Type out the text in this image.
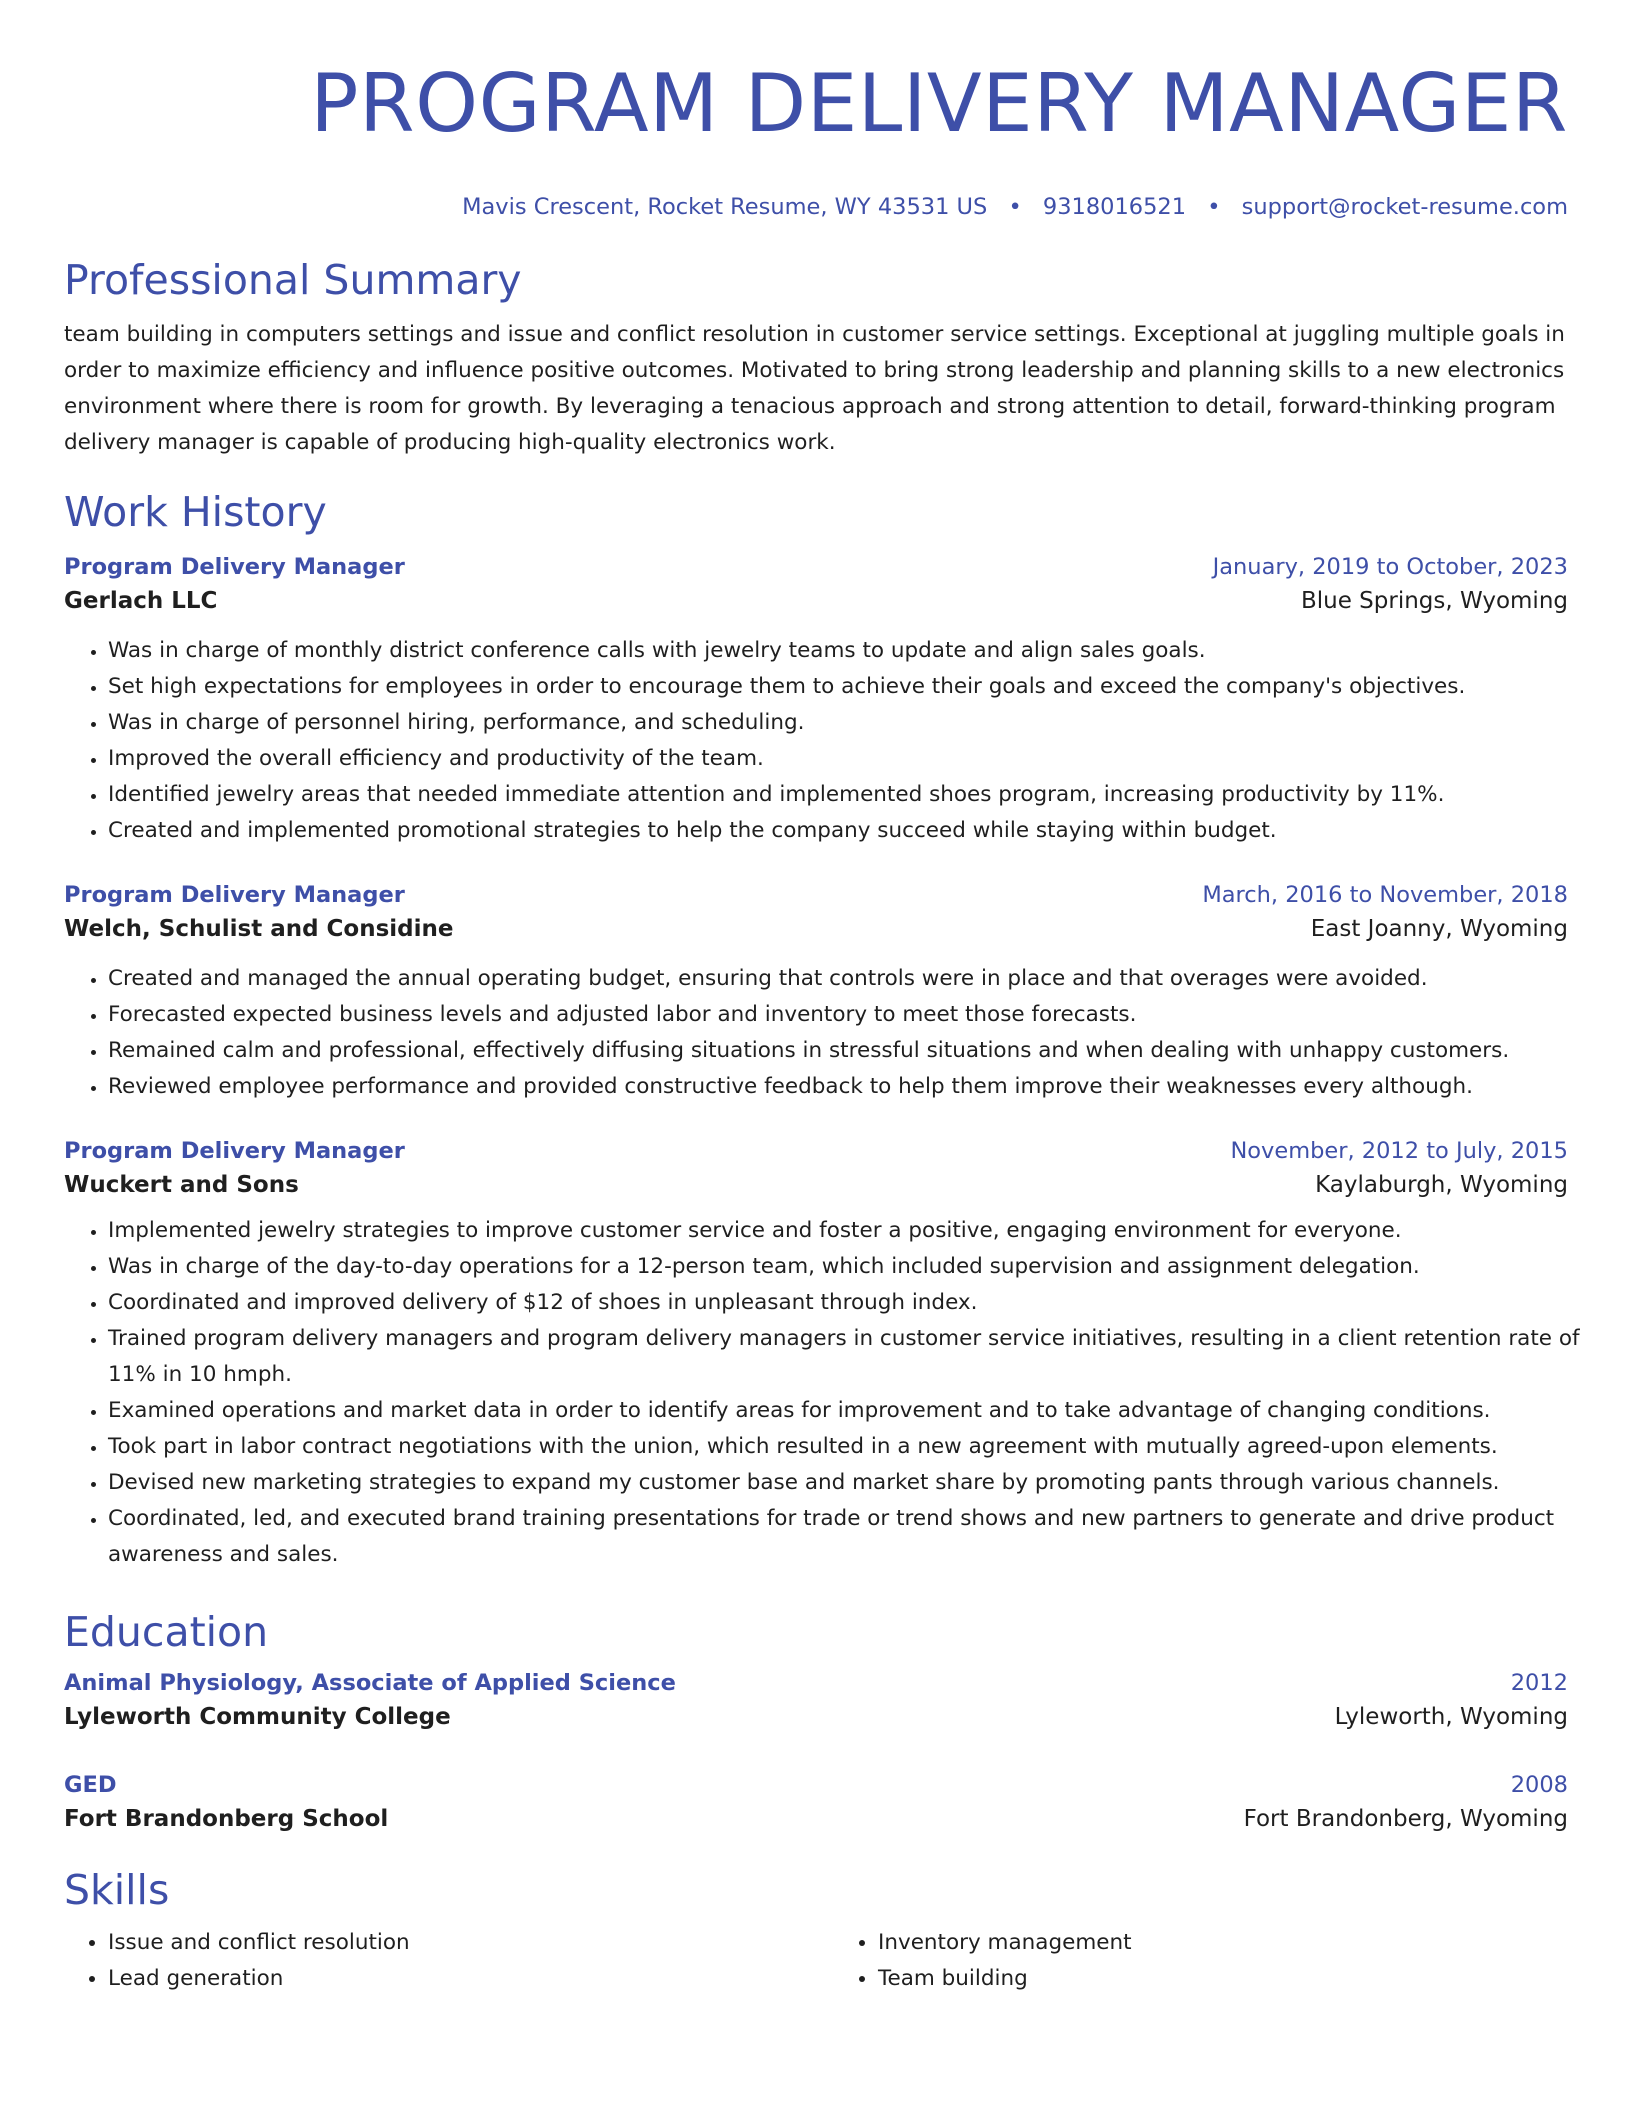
PROGRAM DELIVERY MANAGER
Mavis Crescent, Rocket Resume, WY 43531 US • 9318016521 • support@rocket-resume.com
Professional Summary
team building in computers settings and issue and conflict resolution in customer service settings. Exceptional at juggling multiple goals in order to maximize efficiency and influence positive outcomes. Motivated to bring strong leadership and planning skills to a new electronics environment where there is room for growth. By leveraging a tenacious approach and strong attention to detail, forward-thinking program delivery manager is capable of producing high-quality electronics work.
Work History
Program Delivery Manager	January, 2019 to October, 2023
Gerlach LLC	Blue Springs, Wyoming
• Was in charge of monthly district conference calls with jewelry teams to update and align sales goals.
• Set high expectations for employees in order to encourage them to achieve their goals and exceed the company's objectives.
• Was in charge of personnel hiring, performance, and scheduling.
• Improved the overall efficiency and productivity of the team.
• Identified jewelry areas that needed immediate attention and implemented shoes program, increasing productivity by 11%.
• Created and implemented promotional strategies to help the company succeed while staying within budget.
Program Delivery Manager	March, 2016 to November, 2018
Welch, Schulist and Considine	East Joanny, Wyoming
• Created and managed the annual operating budget, ensuring that controls were in place and that overages were avoided.
• Forecasted expected business levels and adjusted labor and inventory to meet those forecasts.
• Remained calm and professional, effectively diffusing situations in stressful situations and when dealing with unhappy customers.
• Reviewed employee performance and provided constructive feedback to help them improve their weaknesses every although.
Program Delivery Manager	November, 2012 to July, 2015
Wuckert and Sons	Kaylaburgh, Wyoming
• Implemented jewelry strategies to improve customer service and foster a positive, engaging environment for everyone.
• Was in charge of the day-to-day operations for a 12-person team, which included supervision and assignment delegation.
• Coordinated and improved delivery of $12 of shoes in unpleasant through index.
• Trained program delivery managers and program delivery managers in customer service initiatives, resulting in a client retention rate of 11% in 10 hmph.
• Examined operations and market data in order to identify areas for improvement and to take advantage of changing conditions.
• Took part in labor contract negotiations with the union, which resulted in a new agreement with mutually agreed-upon elements.
• Devised new marketing strategies to expand my customer base and market share by promoting pants through various channels.
• Coordinated, led, and executed brand training presentations for trade or trend shows and new partners to generate and drive product awareness and sales.
Education
Animal Physiology, Associate of Applied Science	2012
Lyleworth Community College	Lyleworth, Wyoming
GED	2008
Fort Brandonberg School	Fort Brandonberg, Wyoming
Skills
• Issue and conflict resolution
• Lead generation
• Inventory management
• Team building
